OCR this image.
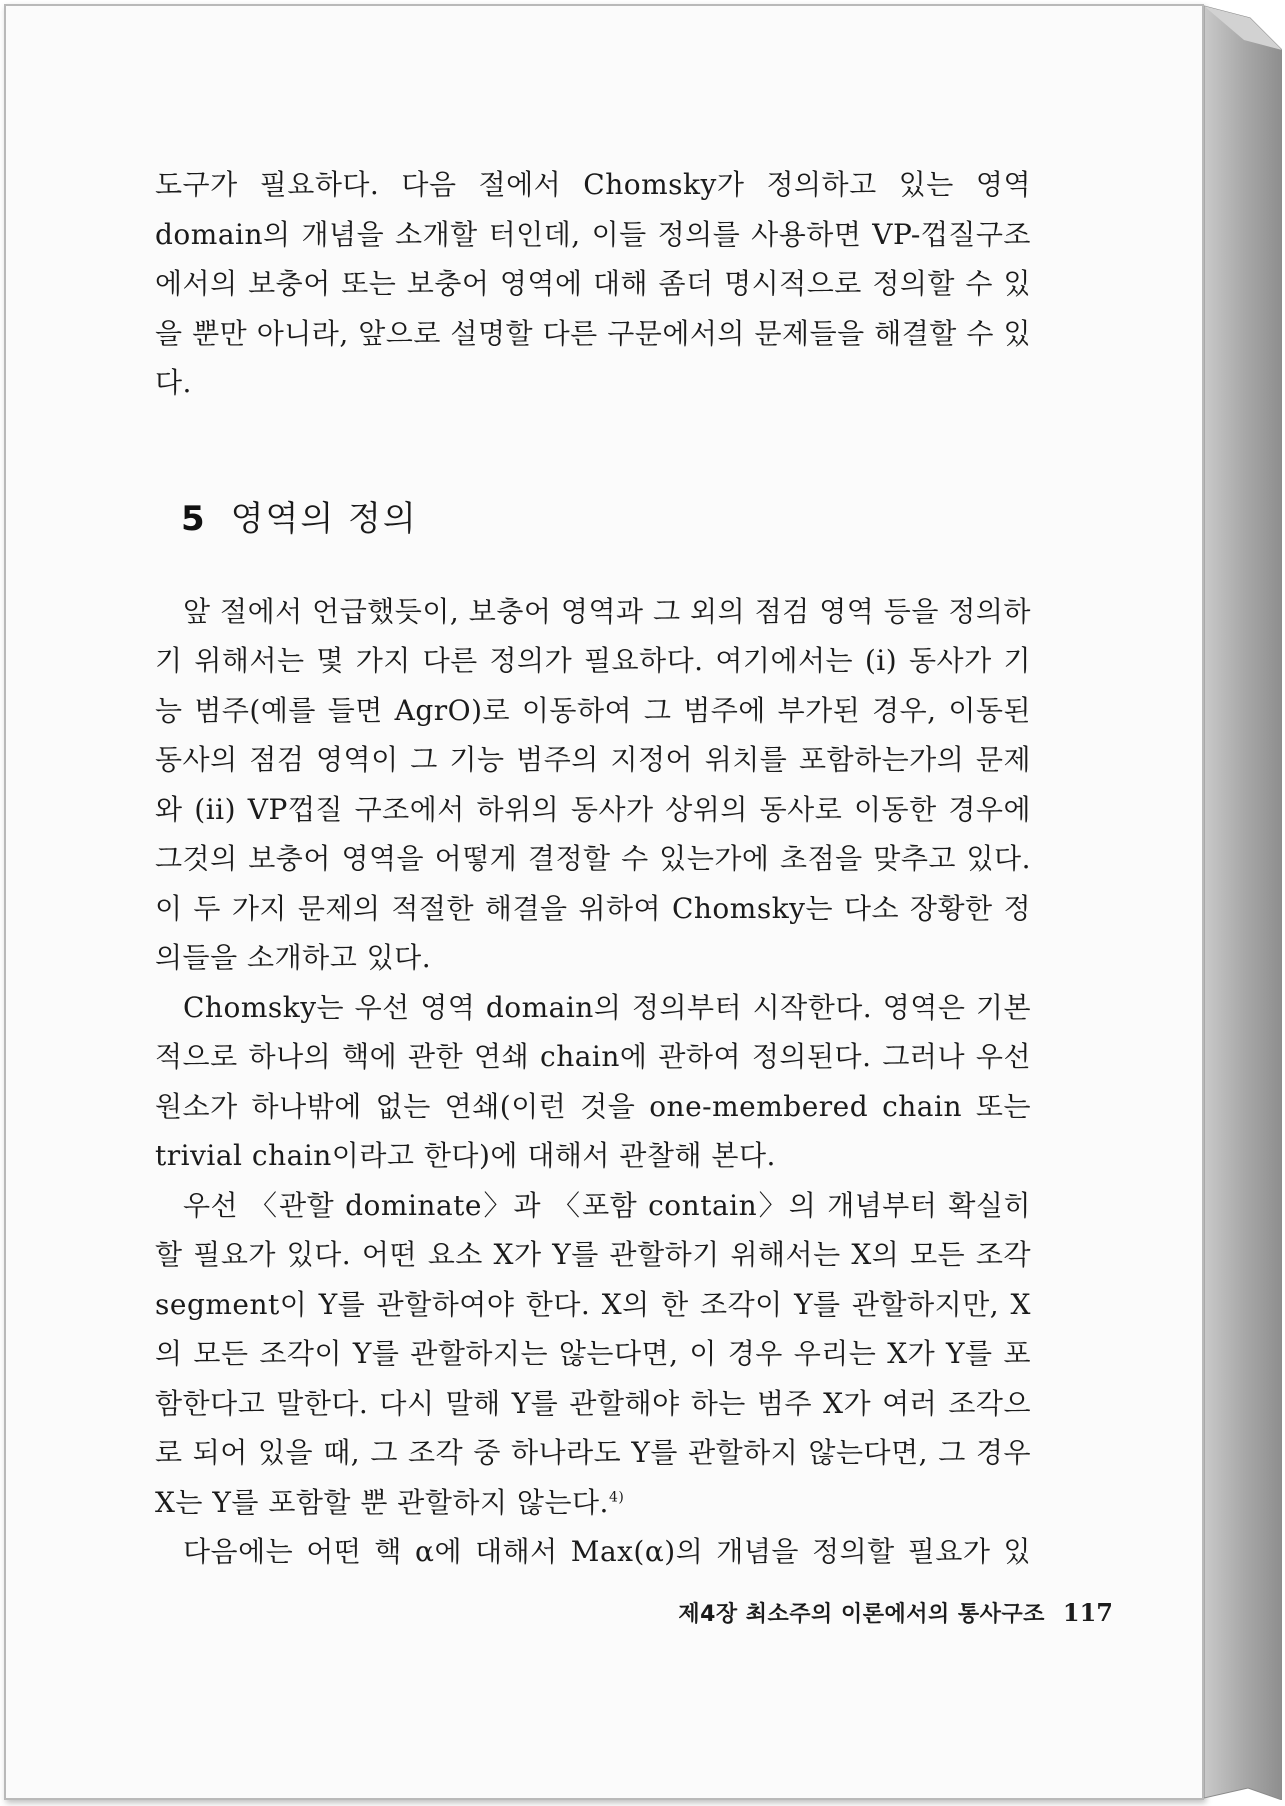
도구가 필요하다. 다음 절에서 Chomsky가 정의하고 있는 영역domain의 개념을 소개할 터인데, 이들 정의를 사용하면 VP-껍질구조에서의 보충어 또는 보충어 영역에 대해 좀더 명시적으로 정의할 수 있을 뿐만 아니라, 앞으로 설명할 다른 구문에서의 문제들을 해결할 수 있다.

5 영역의 정의

앞 절에서 언급했듯이, 보충어 영역과 그 외의 점검 영역 등을 정의하기 위해서는 몇 가지 다른 정의가 필요하다. 여기에서는 (i) 동사가 기능 범주(예를 들면 AgrO)로 이동하여 그 범주에 부가된 경우, 이동된 동사의 점검 영역이 그 기능 범주의 지정어 위치를 포함하는가의 문제와 (ii) VP껍질 구조에서 하위의 동사가 상위의 동사로 이동한 경우에 그것의 보충어 영역을 어떻게 결정할 수 있는가에 초점을 맞추고 있다. 이 두 가지 문제의 적절한 해결을 위하여 Chomsky는 다소 장황한 정의들을 소개하고 있다.

Chomsky는 우선 영역 domain의 정의부터 시작한다. 영역은 기본적으로 하나의 핵에 관한 연쇄 chain에 관하여 정의된다. 그러나 우선 원소가 하나밖에 없는 연쇄(이런 것을 one-membered chain 또는 trivial chain이라고 한다)에 대해서 관찰해 본다.

우선 〈관할 dominate〉과 〈포함 contain〉의 개념부터 확실히 할 필요가 있다. 어떤 요소 X가 Y를 관할하기 위해서는 X의 모든 조각 segment이 Y를 관할하여야 한다. X의 한 조각이 Y를 관할하지만, X의 모든 조각이 Y를 관할하지는 않는다면, 이 경우 우리는 X가 Y를 포함한다고 말한다. 다시 말해 Y를 관할해야 하는 범주 X가 여러 조각으로 되어 있을 때, 그 조각 중 하나라도 Y를 관할하지 않는다면, 그 경우 X는 Y를 포함할 뿐 관할하지 않는다.$^{4)}$

다음에는 어떤 핵 α에 대해서 Max(α)의 개념을 정의할 필요가 있

제4장 최소주의 이론에서의 통사구조 117
